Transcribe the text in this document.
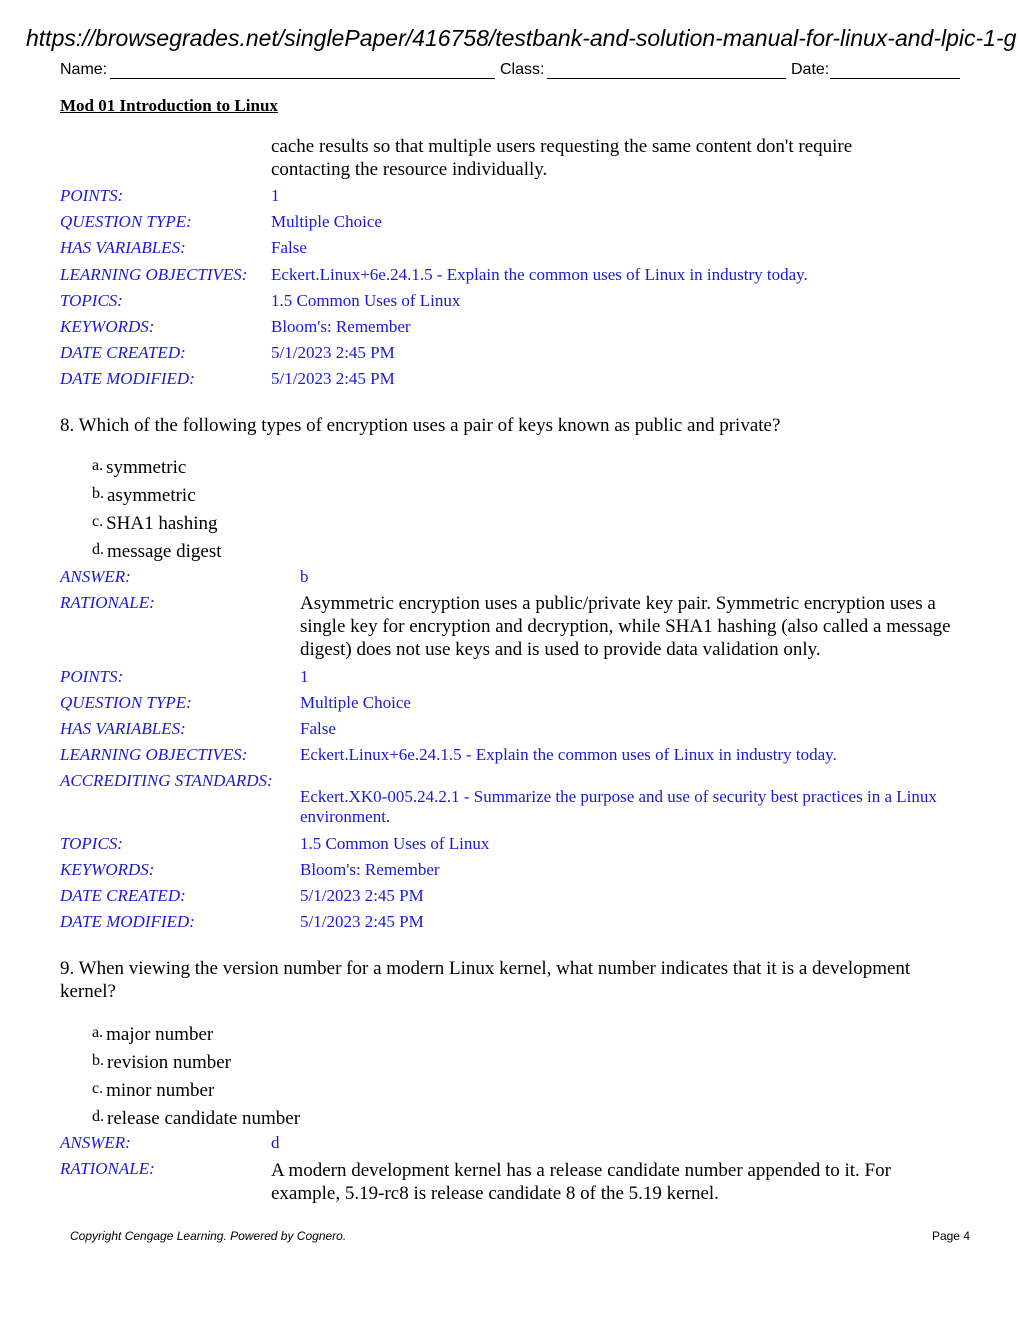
https://browsegrades.net/singlePaper/416758/testbank-and-solution-manual-for-linux-and-lpic-1-g
Name:	Class:	Date:
Mod 01 Introduction to Linux
cache results so that multiple users requesting the same content don't require contacting the resource individually.
POINTS:	1
QUESTION TYPE:	Multiple Choice
HAS VARIABLES:	False
LEARNING OBJECTIVES: Eckert.Linux+6e.24.1.5 - Explain the common uses of Linux in industry today.
TOPICS:	1.5 Common Uses of Linux
KEYWORDS:	Bloom's: Remember
DATE CREATED:	5/1/2023 2:45 PM
DATE MODIFIED:	5/1/2023 2:45 PM
8. Which of the following types of encryption uses a pair of keys known as public and private?
a. symmetric
b. asymmetric
c. SHA1 hashing
d. message digest
ANSWER:	b
RATIONALE:	Asymmetric encryption uses a public/private key pair. Symmetric encryption uses a single key for encryption and decryption, while SHA1 hashing (also called a message digest) does not use keys and is used to provide data validation only.
POINTS:	1
QUESTION TYPE:	Multiple Choice
HAS VARIABLES:	False
LEARNING OBJECTIVES:	Eckert.Linux+6e.24.1.5 - Explain the common uses of Linux in industry today.
ACCREDITING STANDARDS:
Eckert.XK0-005.24.2.1 - Summarize the purpose and use of security best practices in a Linux environment.
TOPICS:	1.5 Common Uses of Linux
KEYWORDS:	Bloom's: Remember
DATE CREATED:	5/1/2023 2:45 PM
DATE MODIFIED:	5/1/2023 2:45 PM
9. When viewing the version number for a modern Linux kernel, what number indicates that it is a development kernel?
a. major number
b. revision number
c. minor number
d. release candidate number
ANSWER:	d
RATIONALE:	A modern development kernel has a release candidate number appended to it. For example, 5.19-rc8 is release candidate 8 of the 5.19 kernel.
Copyright Cengage Learning. Powered by Cognero.	Page 4
